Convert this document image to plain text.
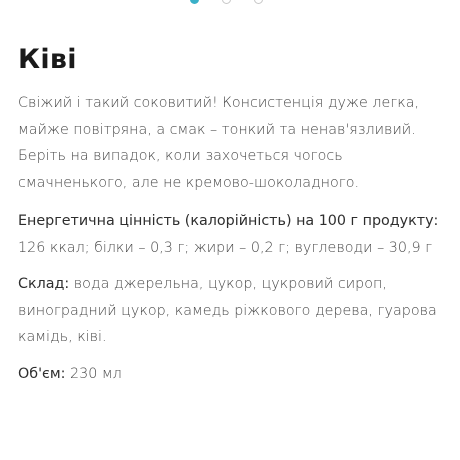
Ківі

Свіжий і такий соковитий! Консистенція дуже легка, майже повітряна, а смак – тонкий та ненав'язливий. Беріть на випадок, коли захочеться чогось смачненького, але не кремово-шоколадного.

Енергетична цінність (калорійність) на 100 г продукту:

126 ккал; білки – 0,3 г; жири – 0,2 г; вуглеводи – 30,9 г

Склад: вода джерельна, цукор, цукровий сироп, виноградний цукор, камедь ріжкового дерева, гуарова камідь, ківі.

Об'єм: 230 мл
